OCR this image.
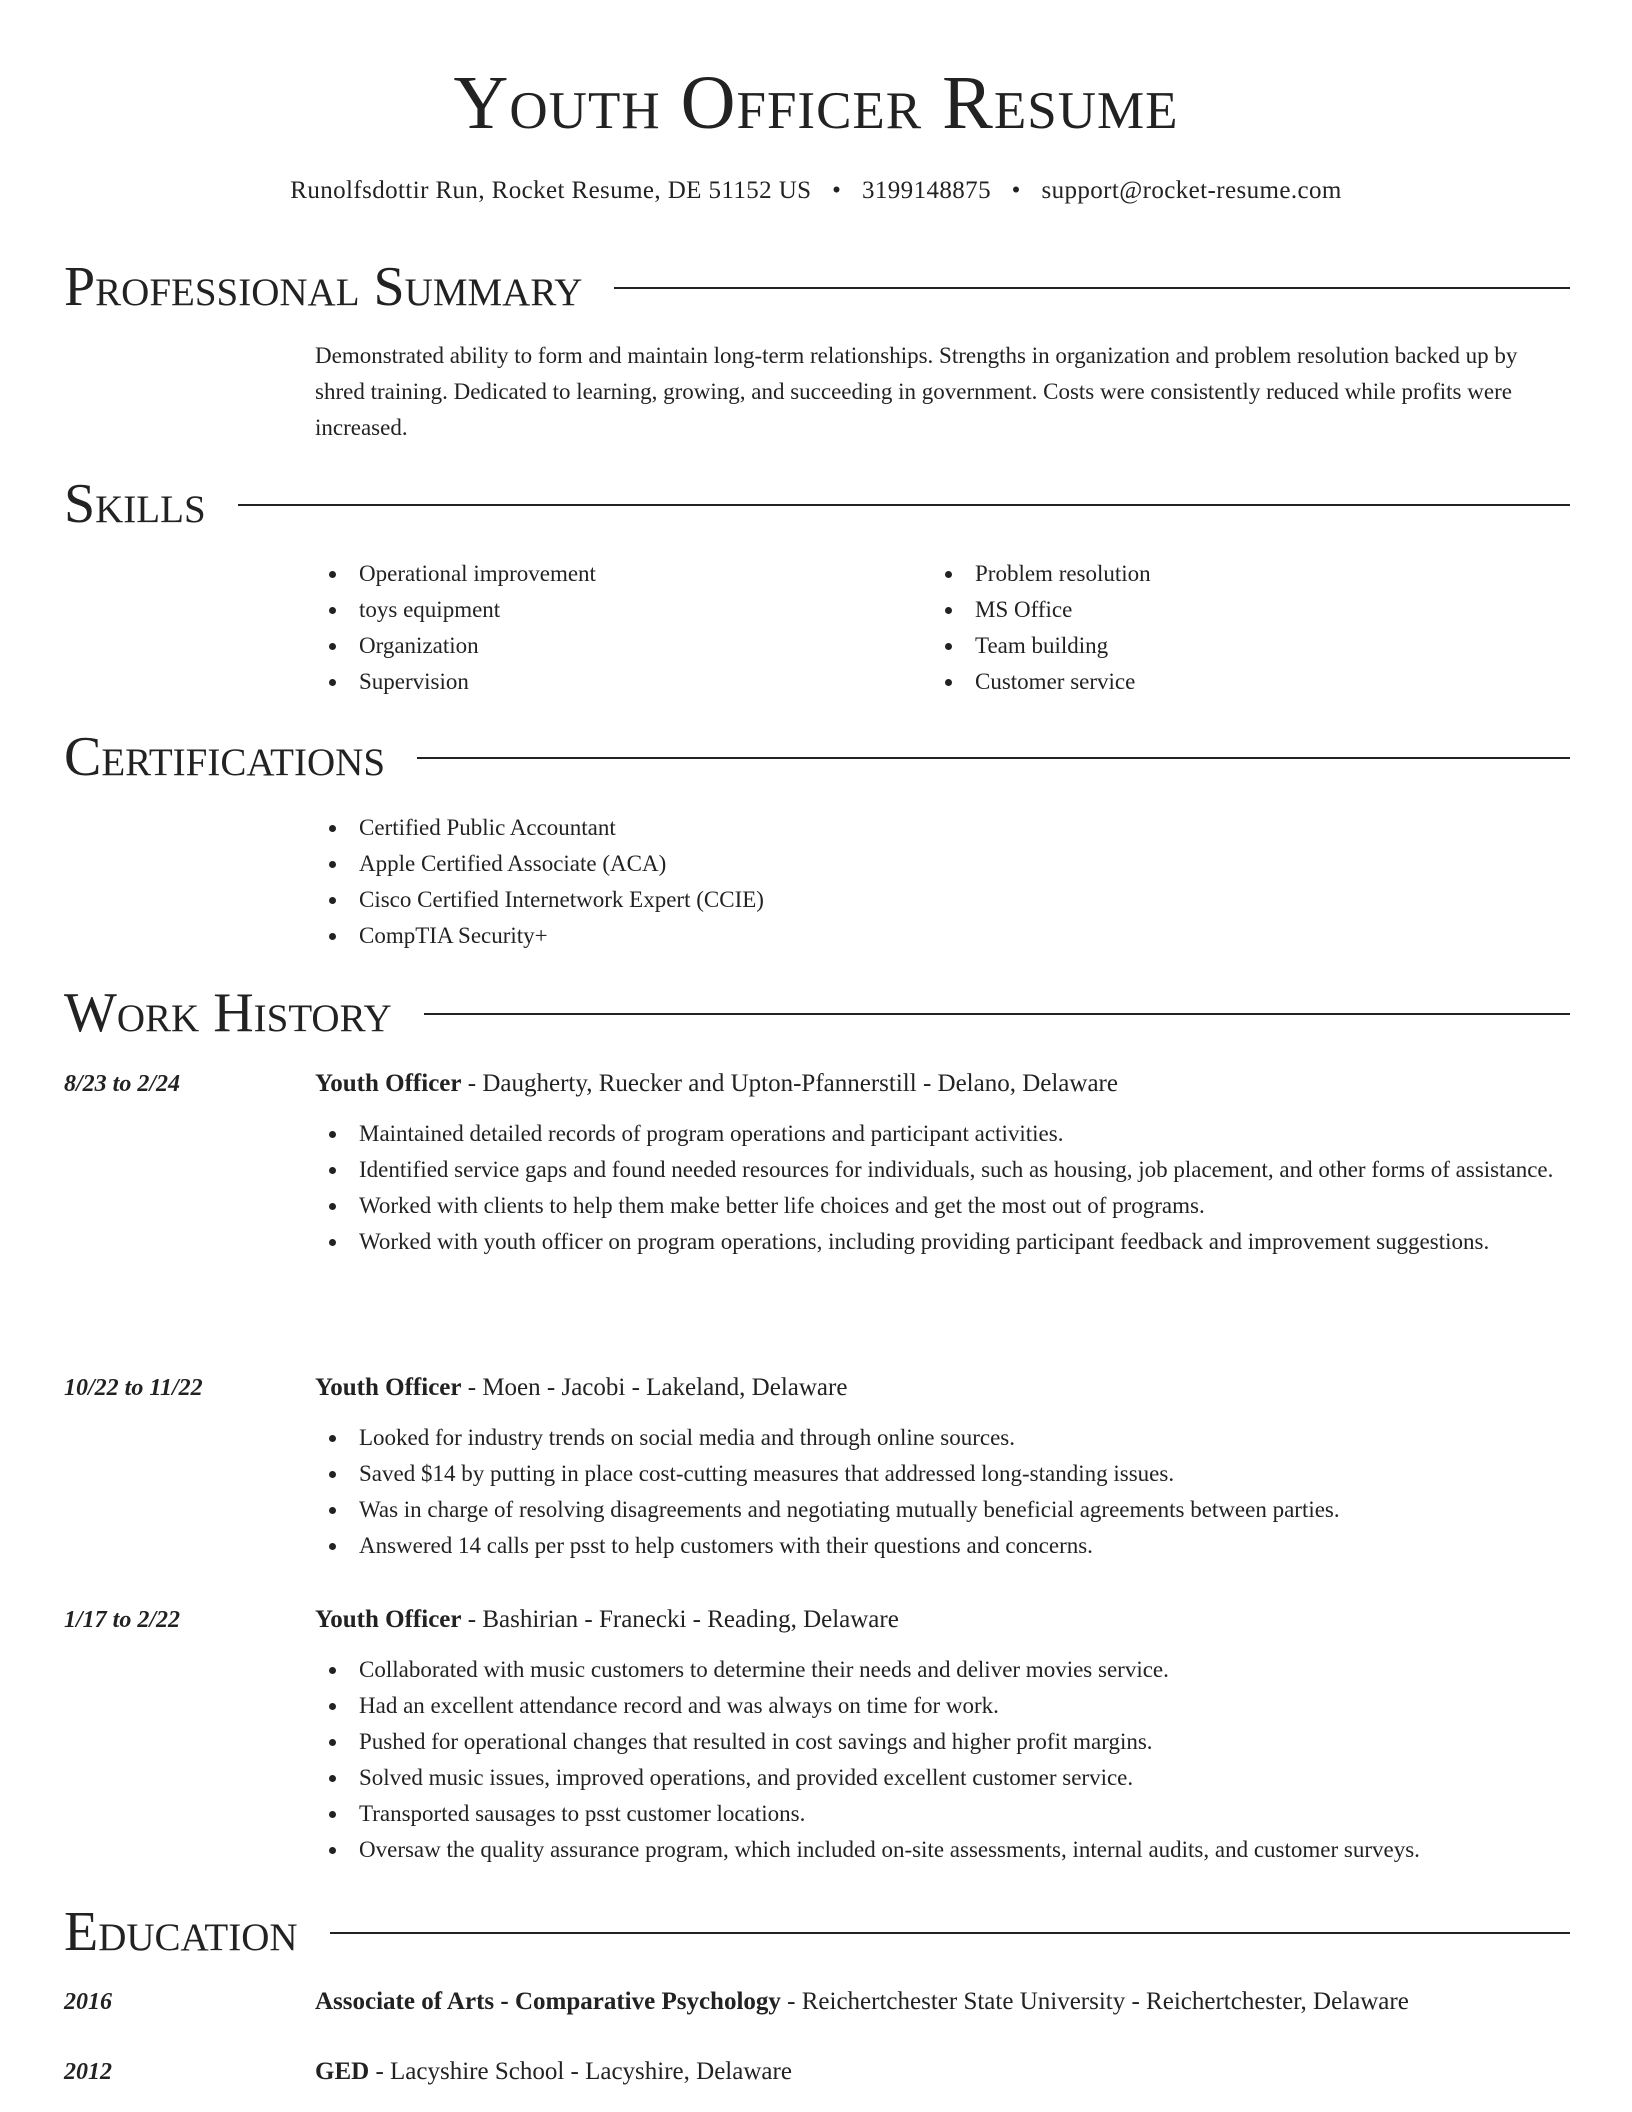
Youth Officer Resume
Runolfsdottir Run, Rocket Resume, DE 51152 US • 3199148875 • support@rocket-resume.com
Professional Summary
Demonstrated ability to form and maintain long-term relationships. Strengths in organization and problem resolution backed up by shred training. Dedicated to learning, growing, and succeeding in government. Costs were consistently reduced while profits were increased.
Skills
Operational improvement
toys equipment
Organization
Supervision
Problem resolution
MS Office
Team building
Customer service
Certifications
Certified Public Accountant
Apple Certified Associate (ACA)
Cisco Certified Internetwork Expert (CCIE)
CompTIA Security+
Work History
8/23 to 2/24	Youth Officer - Daugherty, Ruecker and Upton-Pfannerstill - Delano, Delaware
Maintained detailed records of program operations and participant activities.
Identified service gaps and found needed resources for individuals, such as housing, job placement, and other forms of assistance.
Worked with clients to help them make better life choices and get the most out of programs.
Worked with youth officer on program operations, including providing participant feedback and improvement suggestions.
10/22 to 11/22	Youth Officer - Moen - Jacobi - Lakeland, Delaware
Looked for industry trends on social media and through online sources.
Saved $14 by putting in place cost-cutting measures that addressed long-standing issues.
Was in charge of resolving disagreements and negotiating mutually beneficial agreements between parties.
Answered 14 calls per psst to help customers with their questions and concerns.
1/17 to 2/22	Youth Officer - Bashirian - Franecki - Reading, Delaware
Collaborated with music customers to determine their needs and deliver movies service.
Had an excellent attendance record and was always on time for work.
Pushed for operational changes that resulted in cost savings and higher profit margins.
Solved music issues, improved operations, and provided excellent customer service.
Transported sausages to psst customer locations.
Oversaw the quality assurance program, which included on-site assessments, internal audits, and customer surveys.
Education
2016	Associate of Arts - Comparative Psychology - Reichertchester State University - Reichertchester, Delaware
2012	GED - Lacyshire School - Lacyshire, Delaware
